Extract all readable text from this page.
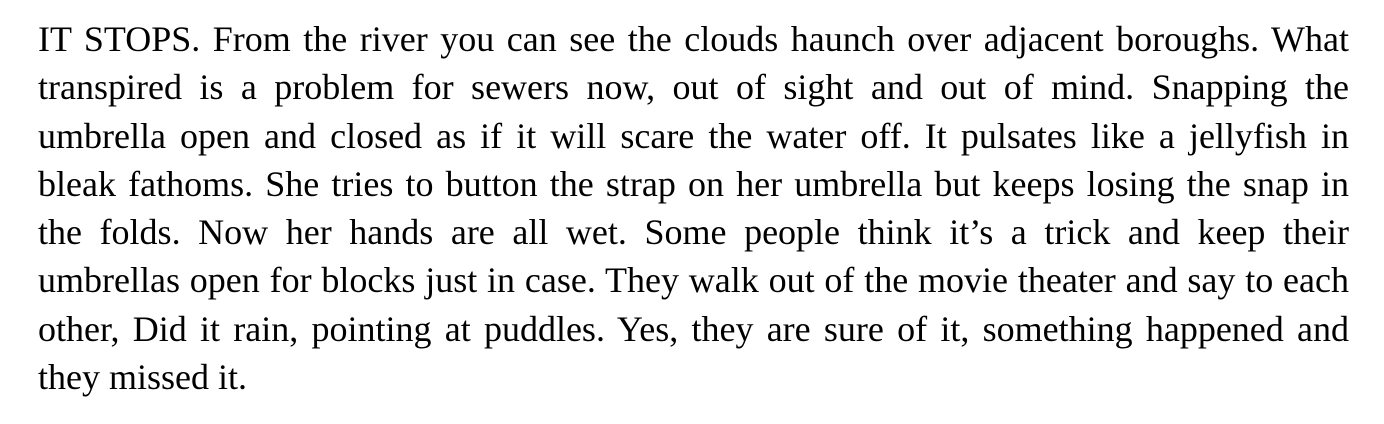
IT STOPS. From the river you can see the clouds haunch over adjacent boroughs. What transpired is a problem for sewers now, out of sight and out of mind. Snapping the umbrella open and closed as if it will scare the water off. It pulsates like a jellyfish in bleak fathoms. She tries to button the strap on her umbrella but keeps losing the snap in the folds. Now her hands are all wet. Some people think it’s a trick and keep their umbrellas open for blocks just in case. They walk out of the movie theater and say to each other, Did it rain, pointing at puddles. Yes, they are sure of it, something happened and they missed it.
